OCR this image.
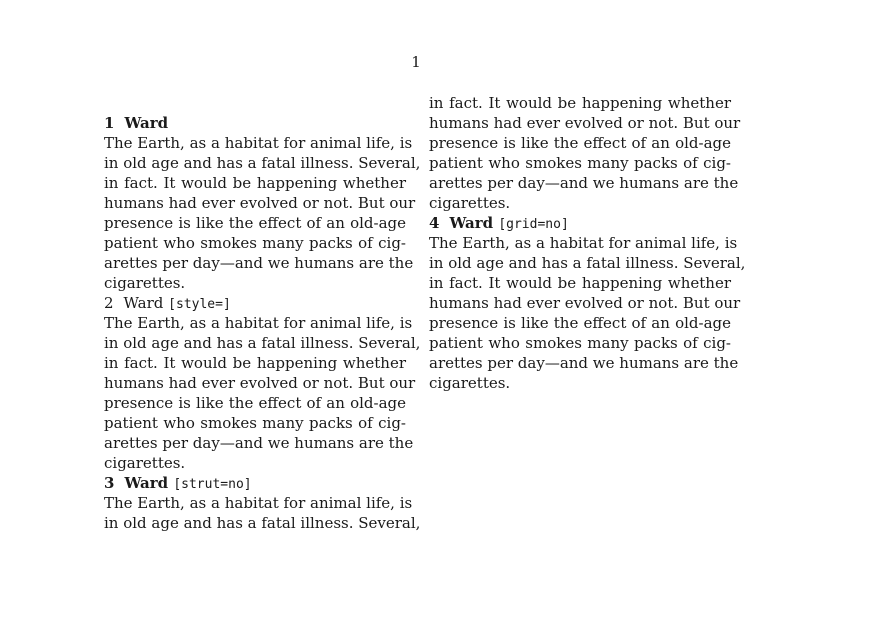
1
1 Ward
The Earth, as a habitat for animal life, is
in old age and has a fatal illness. Several,
in fact. It would be happening whether
humans had ever evolved or not. But our
presence is like the effect of an old-age
patient who smokes many packs of cig-
arettes per day—and we humans are the
cigarettes.
2 Ward [style=]
The Earth, as a habitat for animal life, is
in old age and has a fatal illness. Several,
in fact. It would be happening whether
humans had ever evolved or not. But our
presence is like the effect of an old-age
patient who smokes many packs of cig-
arettes per day—and we humans are the
cigarettes.
3 Ward [strut=no]
The Earth, as a habitat for animal life, is
in old age and has a fatal illness. Several,
in fact. It would be happening whether
humans had ever evolved or not. But our
presence is like the effect of an old-age
patient who smokes many packs of cig-
arettes per day—and we humans are the
cigarettes.
4 Ward [grid=no]
The Earth, as a habitat for animal life, is
in old age and has a fatal illness. Several,
in fact. It would be happening whether
humans had ever evolved or not. But our
presence is like the effect of an old-age
patient who smokes many packs of cig-
arettes per day—and we humans are the
cigarettes.
